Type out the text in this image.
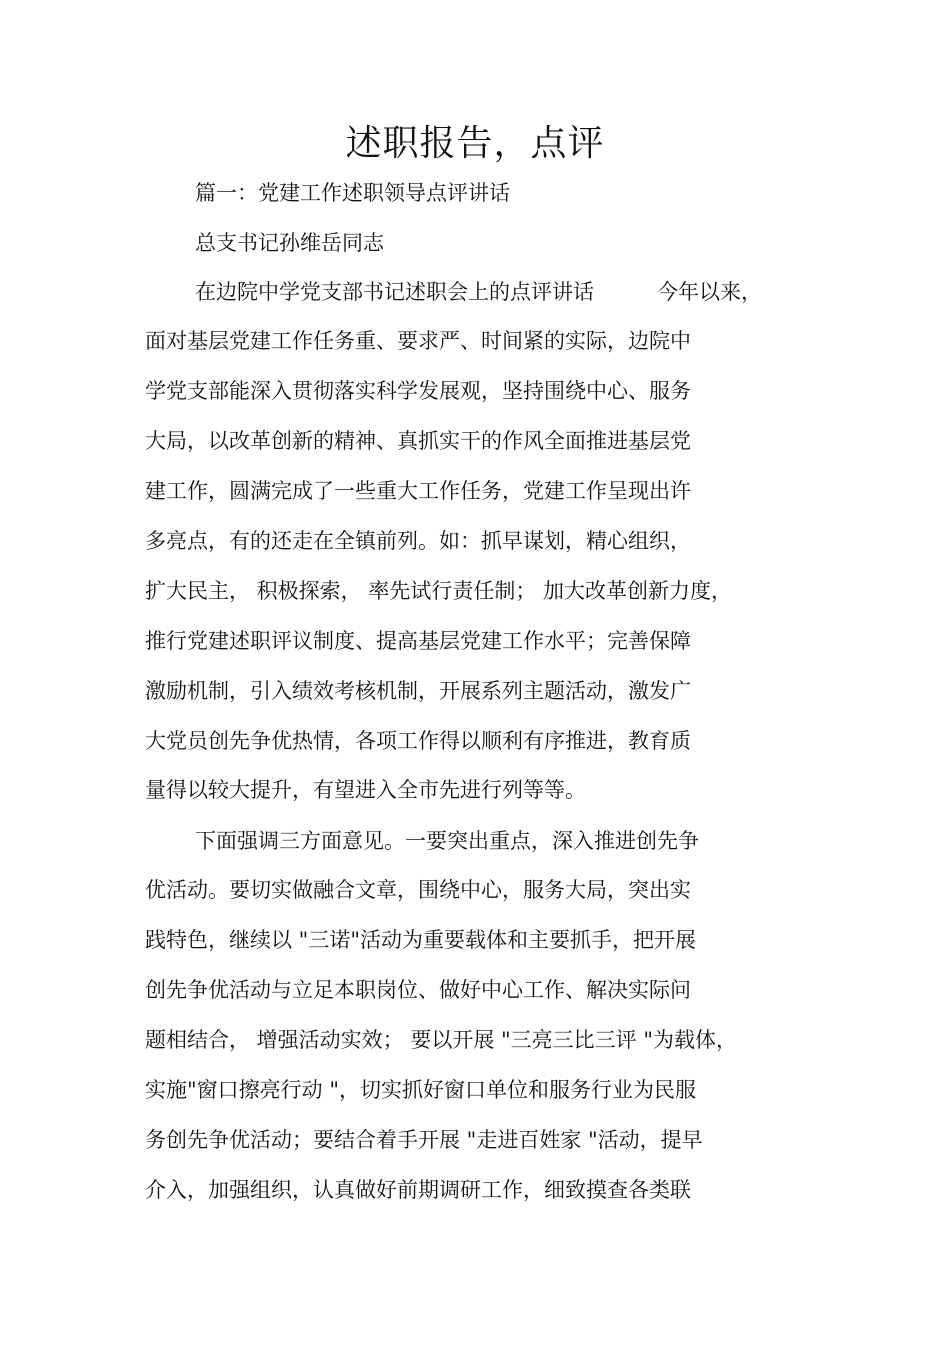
述职报告，点评
篇一：党建工作述职领导点评讲话
总支书记孙维岳同志
在边院中学党支部书记述职会上的点评讲话　　　今年以来，
面对基层党建工作任务重、要求严、时间紧的实际，边院中
学党支部能深入贯彻落实科学发展观，坚持围绕中心、服务
大局，以改革创新的精神、真抓实干的作风全面推进基层党
建工作，圆满完成了一些重大工作任务，党建工作呈现出许
多亮点，有的还走在全镇前列。如：抓早谋划，精心组织，
扩大民主， 积极探索， 率先试行责任制； 加大改革创新力度，
推行党建述职评议制度、提高基层党建工作水平；完善保障
激励机制，引入绩效考核机制，开展系列主题活动，激发广
大党员创先争优热情，各项工作得以顺利有序推进，教育质
量得以较大提升，有望进入全市先进行列等等。
下面强调三方面意见。一要突出重点，深入推进创先争
优活动。要切实做融合文章，围绕中心，服务大局，突出实
践特色，继续以 "三诺"活动为重要载体和主要抓手，把开展
创先争优活动与立足本职岗位、做好中心工作、解决实际问
题相结合， 增强活动实效； 要以开展 "三亮三比三评 "为载体，
实施"窗口擦亮行动 "，切实抓好窗口单位和服务行业为民服
务创先争优活动；要结合着手开展 "走进百姓家 "活动，提早
介入，加强组织，认真做好前期调研工作，细致摸查各类联
